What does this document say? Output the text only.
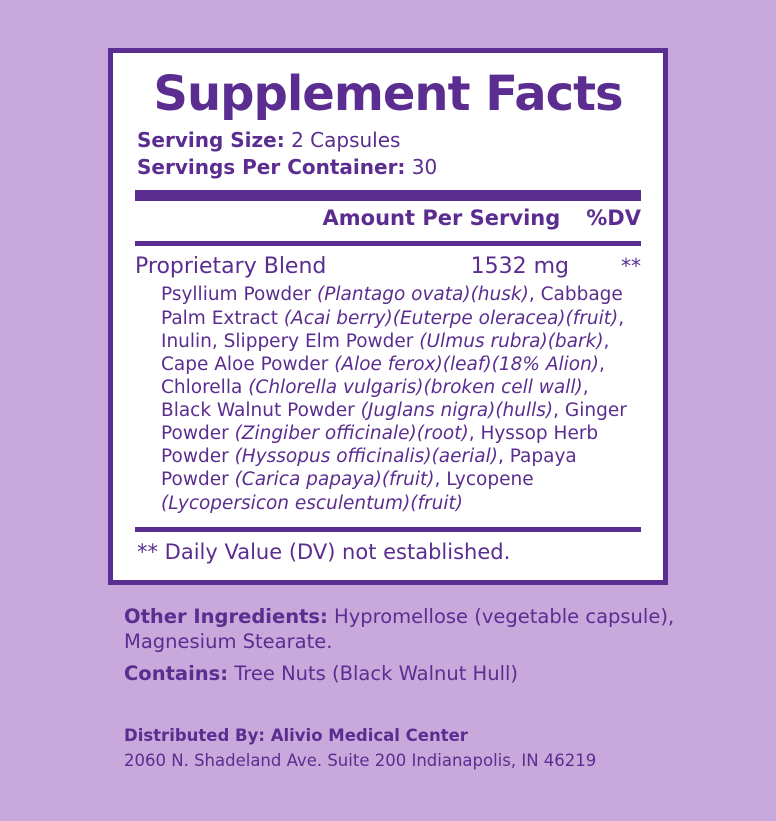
Supplement Facts
Serving Size: 2 Capsules
Servings Per Container: 30
Amount Per Serving %DV
Proprietary Blend	1532 mg	**
Psyllium Powder (Plantago ovata)(husk), Cabbage Palm Extract (Acai berry)(Euterpe oleracea)(fruit), Inulin, Slippery Elm Powder (Ulmus rubra)(bark), Cape Aloe Powder (Aloe ferox)(leaf)(18% Alion), Chlorella (Chlorella vulgaris)(broken cell wall), Black Walnut Powder (Juglans nigra)(hulls), Ginger Powder (Zingiber officinale)(root), Hyssop Herb Powder (Hyssopus officinalis)(aerial), Papaya Powder (Carica papaya)(fruit), Lycopene (Lycopersicon esculentum)(fruit)
** Daily Value (DV) not established.
Other Ingredients: Hypromellose (vegetable capsule), Magnesium Stearate.
Contains: Tree Nuts (Black Walnut Hull)
Distributed By: Alivio Medical Center
2060 N. Shadeland Ave. Suite 200 Indianapolis, IN 46219
